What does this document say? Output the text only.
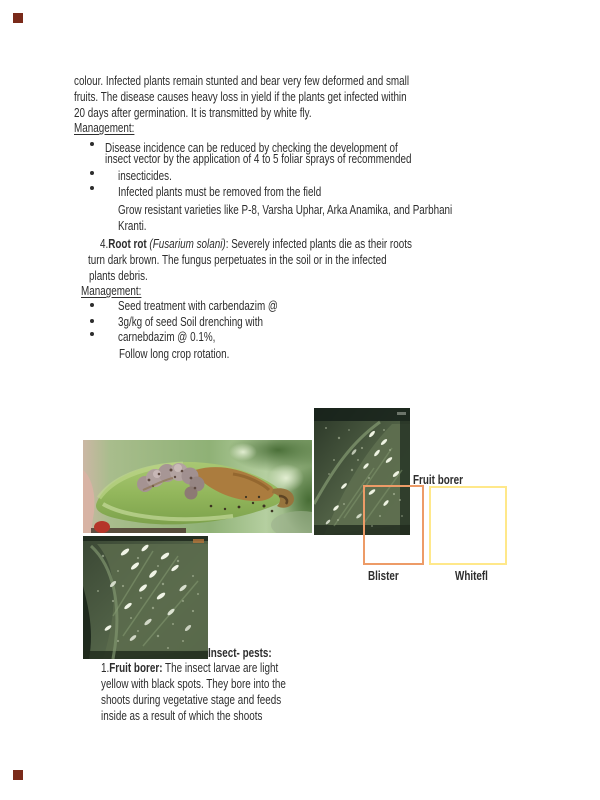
colour. Infected plants remain stunted and bear very few deformed and small
fruits. The disease causes heavy loss in yield if the plants get infected within
20 days after germination. It is transmitted by white fly.
Management:
Disease incidence can be reduced by checking the development of
insect vector by the application of 4 to 5 foliar sprays of recommended
insecticides.
Infected plants must be removed from the field
Grow resistant varieties like P-8, Varsha Uphar, Arka Anamika, and Parbhani
Kranti.
4.Root rot (Fusarium solani): Severely infected plants die as their roots
turn dark brown. The fungus perpetuates in the soil or in the infected
plants debris.
Management:
Seed treatment with carbendazim @
3g/kg of seed Soil drenching with
carnebdazim @ 0.1%,
Follow long crop rotation.
Fruit borer
Blister	Whitefl
Insect- pests:
1.Fruit borer: The insect larvae are light
yellow with black spots. They bore into the
shoots during vegetative stage and feeds
inside as a result of which the shoots
